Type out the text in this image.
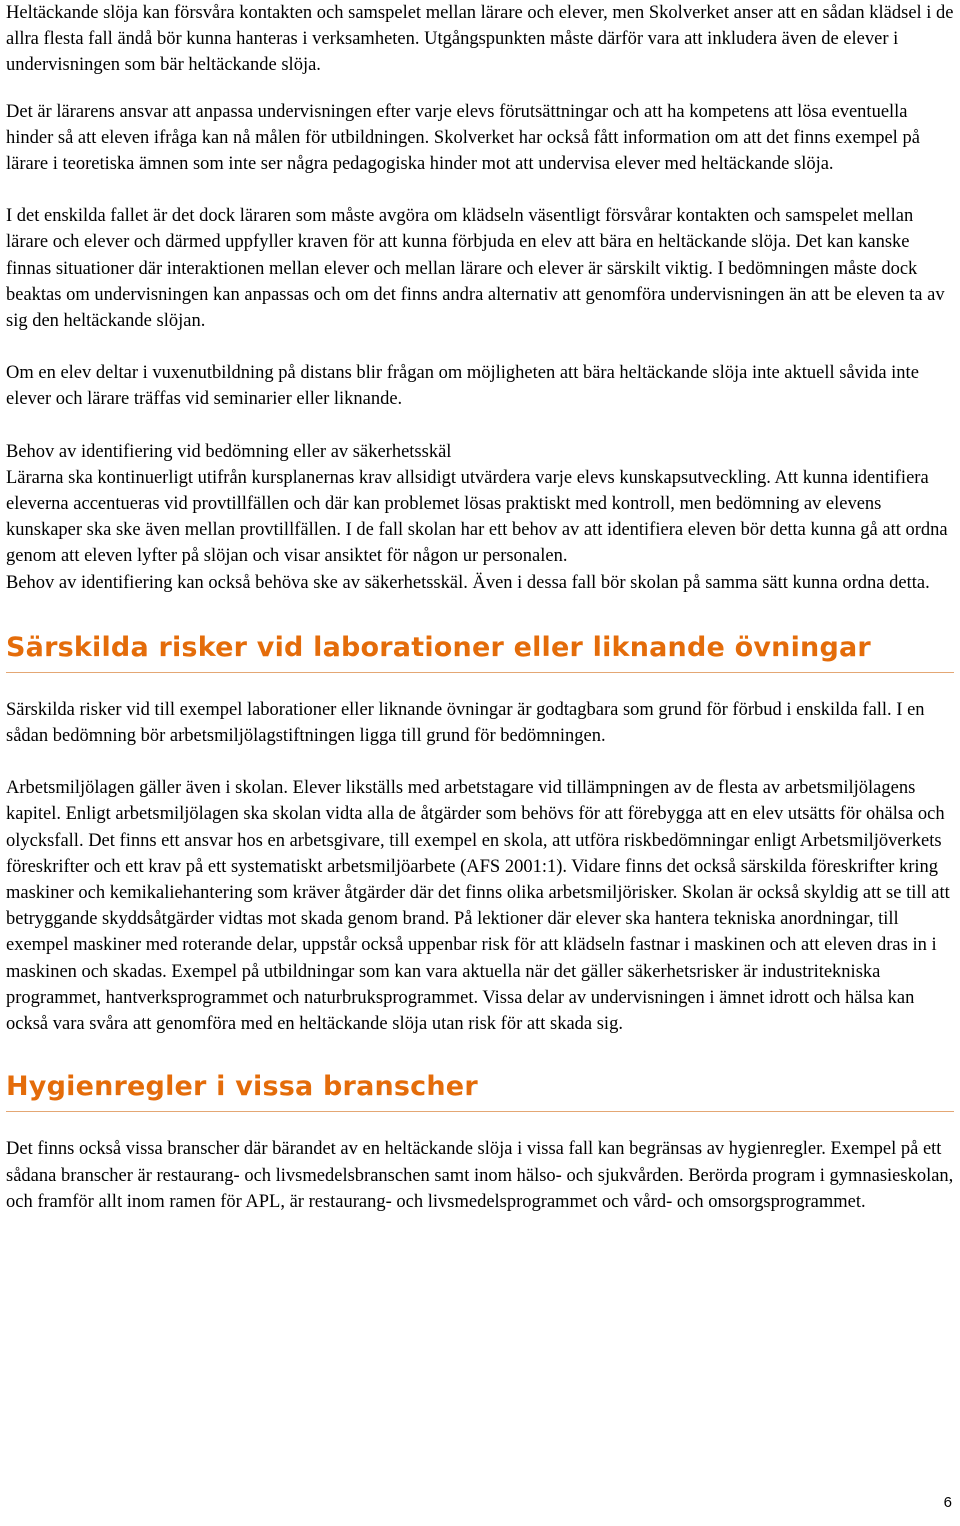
Heltäckande slöja kan försvåra kontakten och samspelet mellan lärare och elever, men Skolverket anser att en sådan klädsel i de allra flesta fall ändå bör kunna hanteras i verksamheten. Utgångspunkten måste därför vara att inkludera även de elever i undervisningen som bär heltäckande slöja.

Det är lärarens ansvar att anpassa undervisningen efter varje elevs förutsättningar och att ha kompetens att lösa eventuella hinder så att eleven ifråga kan nå målen för utbildningen. Skolverket har också fått information om att det finns exempel på lärare i teoretiska ämnen som inte ser några pedagogiska hinder mot att undervisa elever med heltäckande slöja.

I det enskilda fallet är det dock läraren som måste avgöra om klädseln väsentligt försvårar kontakten och samspelet mellan lärare och elever och därmed uppfyller kraven för att kunna förbjuda en elev att bära en heltäckande slöja. Det kan kanske finnas situationer där interaktionen mellan elever och mellan lärare och elever är särskilt viktig. I bedömningen måste dock beaktas om undervisningen kan anpassas och om det finns andra alternativ att genomföra undervisningen än att be eleven ta av sig den heltäckande slöjan.

Om en elev deltar i vuxenutbildning på distans blir frågan om möjligheten att bära heltäckande slöja inte aktuell såvida inte elever och lärare träffas vid seminarier eller liknande.

Behov av identifiering vid bedömning eller av säkerhetsskäl

Lärarna ska kontinuerligt utifrån kursplanernas krav allsidigt utvärdera varje elevs kunskapsutveckling. Att kunna identifiera eleverna accentueras vid provtillfällen och där kan problemet lösas praktiskt med kontroll, men bedömning av elevens kunskaper ska ske även mellan provtillfällen. I de fall skolan har ett behov av att identifiera eleven bör detta kunna gå att ordna genom att eleven lyfter på slöjan och visar ansiktet för någon ur personalen.

Behov av identifiering kan också behöva ske av säkerhetsskäl. Även i dessa fall bör skolan på samma sätt kunna ordna detta.

Särskilda risker vid laborationer eller liknande övningar

Särskilda risker vid till exempel laborationer eller liknande övningar är godtagbara som grund för förbud i enskilda fall. I en sådan bedömning bör arbetsmiljölagstiftningen ligga till grund för bedömningen.

Arbetsmiljölagen gäller även i skolan. Elever likställs med arbetstagare vid tillämpningen av de flesta av arbetsmiljölagens kapitel. Enligt arbetsmiljölagen ska skolan vidta alla de åtgärder som behövs för att förebygga att en elev utsätts för ohälsa och olycksfall. Det finns ett ansvar hos en arbetsgivare, till exempel en skola, att utföra riskbedömningar enligt Arbetsmiljöverkets föreskrifter och ett krav på ett systematiskt arbetsmiljöarbete (AFS 2001:1). Vidare finns det också särskilda föreskrifter kring maskiner och kemikaliehantering som kräver åtgärder där det finns olika arbetsmiljörisker. Skolan är också skyldig att se till att betryggande skyddsåtgärder vidtas mot skada genom brand. På lektioner där elever ska hantera tekniska anordningar, till exempel maskiner med roterande delar, uppstår också uppenbar risk för att klädseln fastnar i maskinen och att eleven dras in i maskinen och skadas. Exempel på utbildningar som kan vara aktuella när det gäller säkerhetsrisker är industritekniska programmet, hantverksprogrammet och naturbruksprogrammet. Vissa delar av undervisningen i ämnet idrott och hälsa kan också vara svåra att genomföra med en heltäckande slöja utan risk för att skada sig.

Hygienregler i vissa branscher

Det finns också vissa branscher där bärandet av en heltäckande slöja i vissa fall kan begränsas av hygienregler. Exempel på ett sådana branscher är restaurang- och livsmedelsbranschen samt inom hälso- och sjukvården. Berörda program i gymnasieskolan, och framför allt inom ramen för APL, är restaurang- och livsmedelsprogrammet och vård- och omsorgsprogrammet.

6
